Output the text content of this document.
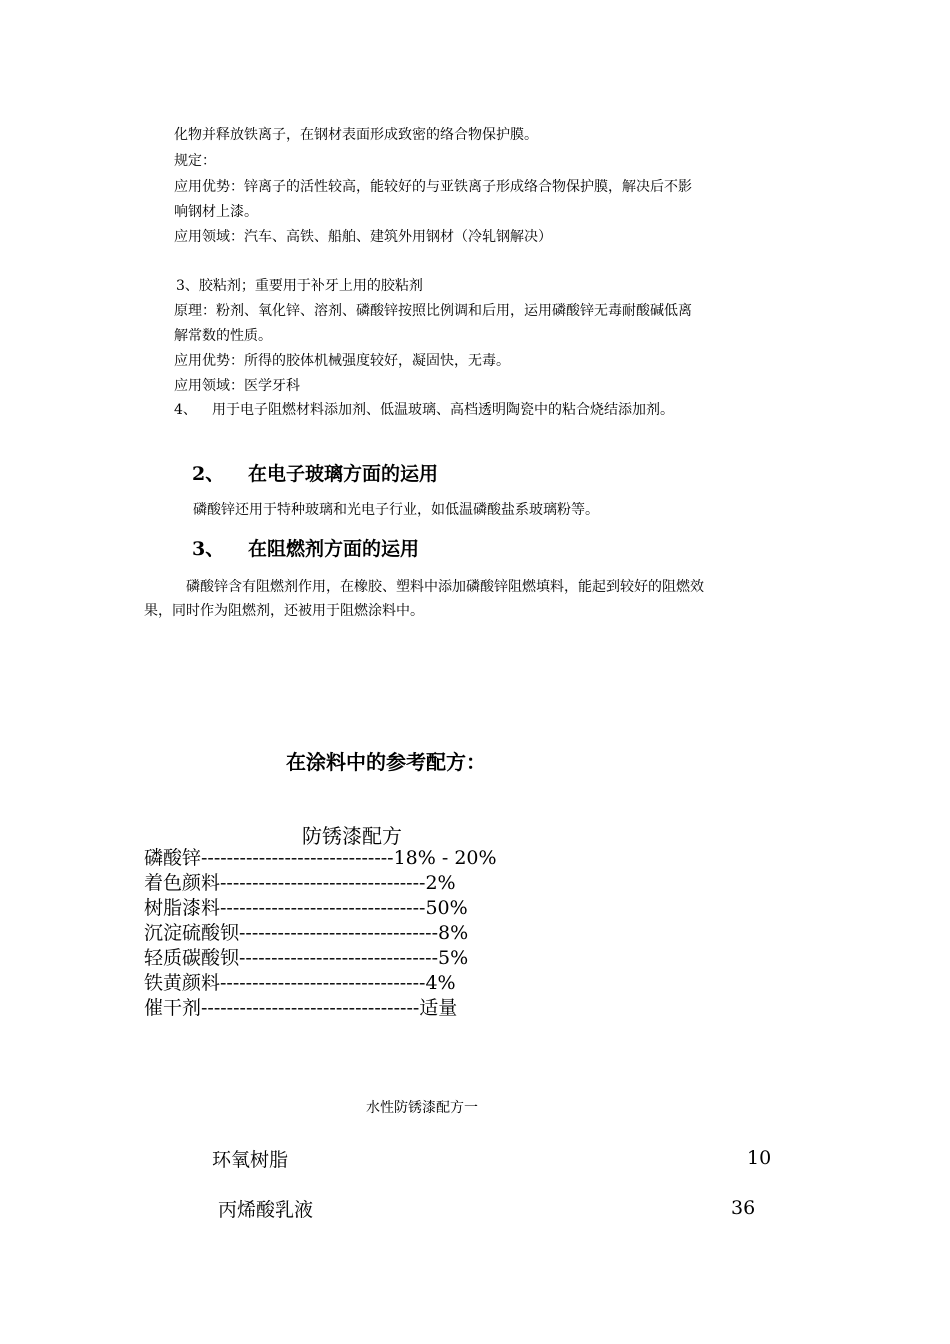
化物并释放铁离子，在钢材表面形成致密的络合物保护膜。
规定：
应用优势：锌离子的活性较高，能较好的与亚铁离子形成络合物保护膜，解决后不影
响钢材上漆。
应用领域：汽车、高铁、船舶、建筑外用钢材（冷轧钢解决）
3、胶粘剂；重要用于补牙上用的胶粘剂
原理：粉剂、氧化锌、溶剂、磷酸锌按照比例调和后用，运用磷酸锌无毒耐酸碱低离
解常数的性质。
应用优势：所得的胶体机械强度较好，凝固快，无毒。
应用领域：医学牙科
4、 用于电子阻燃材料添加剂、低温玻璃、高档透明陶瓷中的粘合烧结添加剂。
2、 在电子玻璃方面的运用
磷酸锌还用于特种玻璃和光电子行业，如低温磷酸盐系玻璃粉等。
3、 在阻燃剂方面的运用
磷酸锌含有阻燃剂作用，在橡胶、塑料中添加磷酸锌阻燃填料，能起到较好的阻燃效
果，同时作为阻燃剂，还被用于阻燃涂料中。
在涂料中的参考配方：
防锈漆配方
磷酸锌------------------------------18% - 20%
着色颜料--------------------------------2%
树脂漆料--------------------------------50%
沉淀硫酸钡-------------------------------8%
轻质碳酸钡-------------------------------5%
铁黄颜料--------------------------------4%
催干剂----------------------------------适量
水性防锈漆配方一
环氧树脂	10
丙烯酸乳液	36
